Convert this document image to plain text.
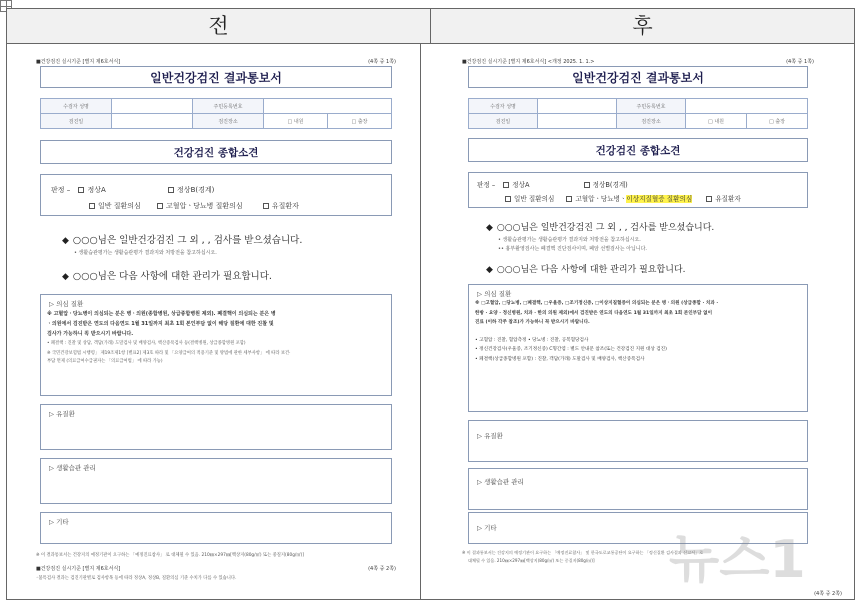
전	후
■건강검진 실시기준 [별지 제6호서식]	(4쪽 중 1쪽)
일반건강검진 결과통보서
수검자 성명		주민등록번호		
검진일		검진장소	□ 내원	□ 출장
건강검진 종합소견
판정 – 정상A	정상B(경계)
일반 질환의심	고혈압ㆍ당뇨병 질환의심	유질환자
◆ ○○○님은 일반건강검진 그 외 , , 검사를 받으셨습니다.
• 생활습관평가는 생활습관평가 결과지와 처방전을 참고하십시오.
◆ ○○○님은 다음 사항에 대한 관리가 필요합니다.
▷ 의심 질환
※ 고혈압ㆍ당뇨병이 의심되는 분은 병ㆍ의원(종합병원, 상급종합병원 제외). 폐결핵이 의심되는 분은 병
ㆍ의원에서 검진받은 연도의 다음연도 1월 31일까지 최초 1회 본인부담 없이 해당 질환에 대한 진찰 및
검사가 가능하니 꼭 받으시기 바랍니다.
• 폐결핵 : 진찰 및 상담, 객담(가래) 도말검사 및 배양검사, 핵산증폭검사 등(결핵병원, 상급종합병원 포함)
※ 국민건강보험법 시행령」 제19조제1항 [별표2] 제3호 따라 및 「요양급여의 적용기준 및 방법에 관한 세부사항」 에 따라 보건·
부담 면제 (의료급여수급권자는 「의료급여법」 에 따라 가능)
▷ 유질환
▷ 생활습관 관리
▷ 기타
※ 이 결과통보서는 건강지의 예정기관이 요구하는 「예정진료참사」 로 대체될 수 있음. 210㎜×297㎜[백상지(80g/㎡) 또는 중질지(80g/㎡)]
■건강검진 실시기준 [별지 제6호서식]	(4쪽 중 2쪽)
◦불특검사 결과는 검진기관별로 검사항목 등에 따라 정상A, 정상B, 질환의심 기준 수치가 다를 수 있습니다.
■건강검진 실시기준 [별지 제6호서식] <개정 2025. 1. 1.>	(4쪽 중 1쪽)
일반건강검진 결과통보서
수검자 성명		주민등록번호		
검진일		검진장소	□ 내원	□ 출장
건강검진 종합소견
판정 –	정상A	정상B(경계)
일반 질환의심	고혈압ㆍ당뇨병ㆍ이상지질혈증 질환의심	유질환자
◆ ○○○님은 일반건강검진 그 외 , , 검사를 받으셨습니다.
• 생활습관평가는 생활습관평가 결과지와 처방전을 참고하십시오.
•• 흉부촬영검사는 폐결핵 진단검사이며, 폐암 선별검사는 아닙니다.
◆ ○○○님은 다음 사항에 대한 관리가 필요합니다.
▷ 의심 질환
※ □고혈압, □당뇨병, □폐결핵, □우울증, □조기정신증, □이상지질혈증이 의심되는 분은 병ㆍ의원 (상급종합 · 치과 ·
한방 · 요양 · 정신병원, 치과 · 한의 의원 제외)에서 검진받은 연도의 다음연도 1월 31일까지 최초 1회 본인부담 없이
진료 (이하 각주 참조)가 가능하니 꼭 받으시기 바랍니다.
• 고혈압 : 진찰, 혈압측정 • 당뇨병 : 진찰, 공복혈당검사
• 정신건강검사(우울증, 조기정신증) C형간염 : 별도 안내문 참조(또는 건강검진 지원 대상 검진)
• 폐결핵(상급종합병원 포함) : 진찰, 객담(가래) 도말검사 및 배양검사, 핵산증폭검사
▷ 유질환
▷ 생활습관 관리
▷ 기타
※ 이 결과통보서는 건강지의 예정기관이 요구하는 「예정진료참사」 및 한국도로교통공단이 요구하는 「정신질환 검사결과 신고서」로
대체될 수 있음. 210㎜×297㎜[백상지(80g/㎡) 또는 중질지(80g/㎡)]
(4쪽 중 2쪽)
뉴스1
